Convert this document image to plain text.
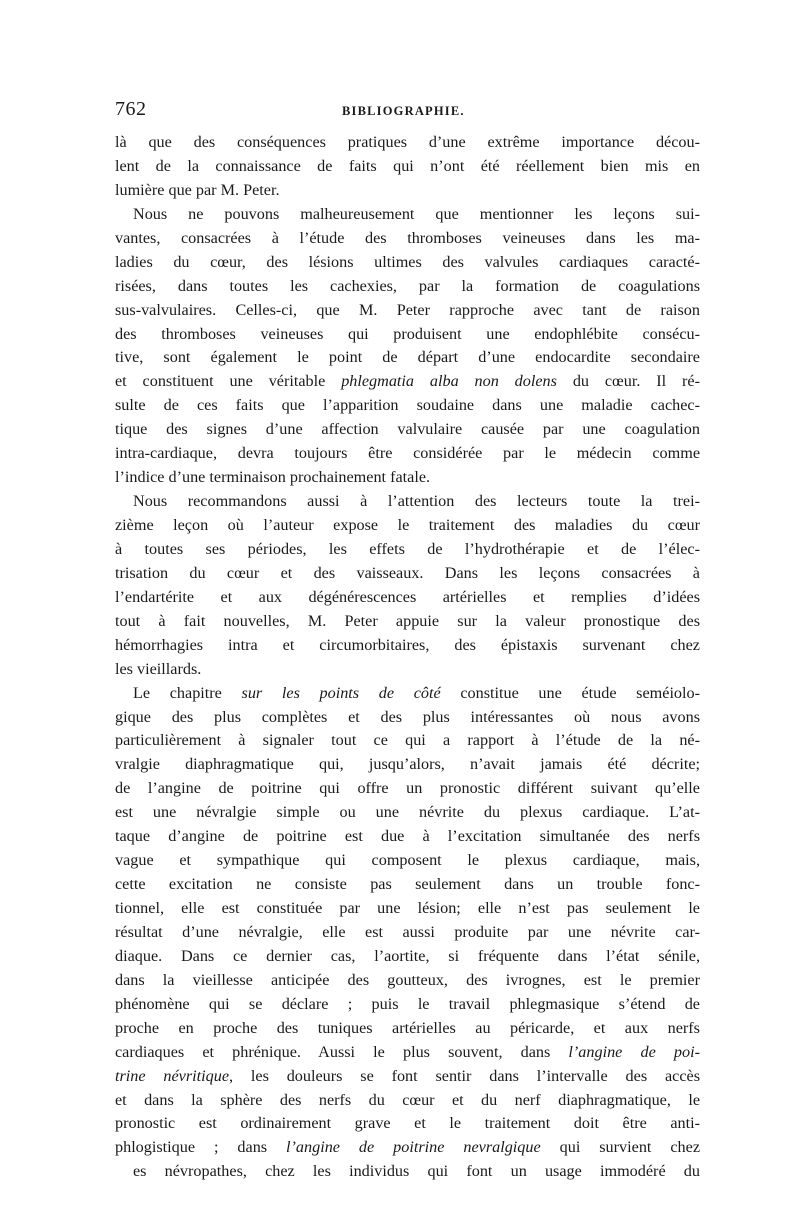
762	BIBLIOGRAPHIE.
là que des conséquences pratiques d’une extrême importance décou-
lent de la connaissance de faits qui n’ont été réellement bien mis en
lumière que par M. Peter.
Nous ne pouvons malheureusement que mentionner les leçons sui-
vantes, consacrées à l’étude des thromboses veineuses dans les ma-
ladies du cœur, des lésions ultimes des valvules cardiaques caracté-
risées, dans toutes les cachexies, par la formation de coagulations
sus-valvulaires. Celles-ci, que M. Peter rapproche avec tant de raison
des thromboses veineuses qui produisent une endophlébite consécu-
tive, sont également le point de départ d’une endocardite secondaire
et constituent une véritable phlegmatia alba non dolens du cœur. Il ré-
sulte de ces faits que l’apparition soudaine dans une maladie cachec-
tique des signes d’une affection valvulaire causée par une coagulation
intra-cardiaque, devra toujours être considérée par le médecin comme
l’indice d’une terminaison prochainement fatale.
Nous recommandons aussi à l’attention des lecteurs toute la trei-
zième leçon où l’auteur expose le traitement des maladies du cœur
à toutes ses périodes, les effets de l’hydrothérapie et de l’élec-
trisation du cœur et des vaisseaux. Dans les leçons consacrées à
l’endartérite et aux dégénérescences artérielles et remplies d’idées
tout à fait nouvelles, M. Peter appuie sur la valeur pronostique des
hémorrhagies intra et circumorbitaires, des épistaxis survenant chez
les vieillards.
Le chapitre sur les points de côté constitue une étude seméiolo-
gique des plus complètes et des plus intéressantes où nous avons
particulièrement à signaler tout ce qui a rapport à l’étude de la né-
vralgie diaphragmatique qui, jusqu’alors, n’avait jamais été décrite;
de l’angine de poitrine qui offre un pronostic différent suivant qu’elle
est une névralgie simple ou une névrite du plexus cardiaque. L’at-
taque d’angine de poitrine est due à l’excitation simultanée des nerfs
vague et sympathique qui composent le plexus cardiaque, mais,
cette excitation ne consiste pas seulement dans un trouble fonc-
tionnel, elle est constituée par une lésion; elle n’est pas seulement le
résultat d’une névralgie, elle est aussi produite par une névrite car-
diaque. Dans ce dernier cas, l’aortite, si fréquente dans l’état sénile,
dans la vieillesse anticipée des goutteux, des ivrognes, est le premier
phénomène qui se déclare ; puis le travail phlegmasique s’étend de
proche en proche des tuniques artérielles au péricarde, et aux nerfs
cardiaques et phrénique. Aussi le plus souvent, dans l’angine de poi-
trine névritique, les douleurs se font sentir dans l’intervalle des accès
et dans la sphère des nerfs du cœur et du nerf diaphragmatique, le
pronostic est ordinairement grave et le traitement doit être anti-
phlogistique ; dans l’angine de poitrine nevralgique qui survient chez
es névropathes, chez les individus qui font un usage immodéré du
